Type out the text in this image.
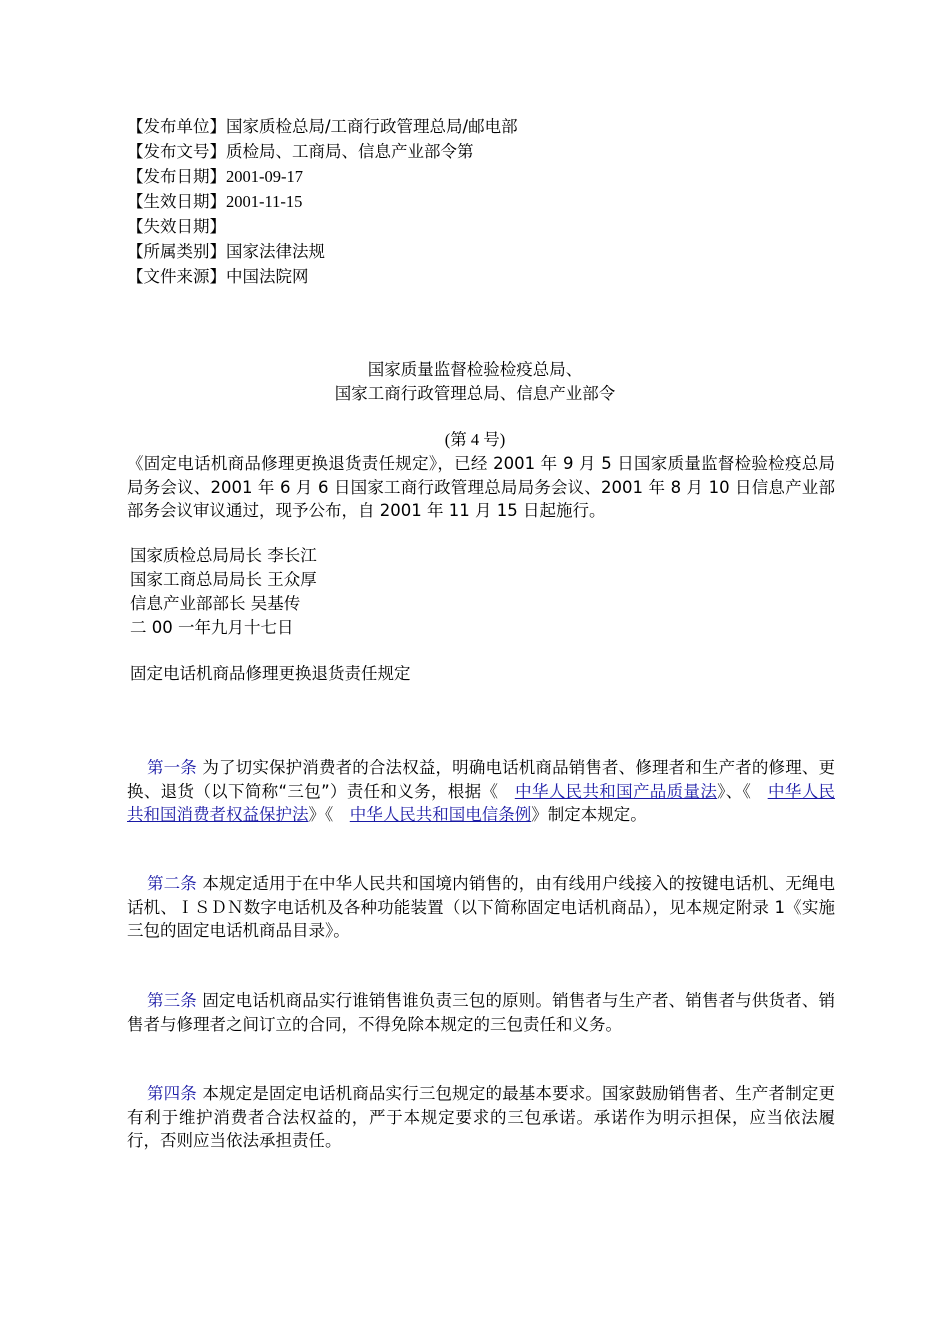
【发布单位】国家质检总局/工商行政管理总局/邮电部
【发布文号】质检局、工商局、信息产业部令第
【发布日期】2001-09-17
【生效日期】2001-11-15
【失效日期】
【所属类别】国家法律法规
【文件来源】中国法院网
国家质量监督检验检疫总局、
国家工商行政管理总局、信息产业部令
(第 4 号)
《固定电话机商品修理更换退货责任规定》，已经 2001 年 9 月 5 日国家质量监督检验检疫总局局务会议、2001 年 6 月 6 日国家工商行政管理总局局务会议、2001 年 8 月 10 日信息产业部部务会议审议通过，现予公布，自 2001 年 11 月 15 日起施行。
国家质检总局局长 李长江
国家工商总局局长 王众厚
信息产业部部长 吴基传
二 00 一年九月十七日
固定电话机商品修理更换退货责任规定
第一条 为了切实保护消费者的合法权益，明确电话机商品销售者、修理者和生产者的修理、更换、退货（以下简称“三包”）责任和义务，根据《  中华人民共和国产品质量法》、《  中华人民共和国消费者权益保护法》《  中华人民共和国电信条例》制定本规定。
第二条 本规定适用于在中华人民共和国境内销售的，由有线用户线接入的按键电话机、无绳电话机、ＩＳＤＮ数字电话机及各种功能装置（以下简称固定电话机商品），见本规定附录 1《实施三包的固定电话机商品目录》。
第三条 固定电话机商品实行谁销售谁负责三包的原则。销售者与生产者、销售者与供货者、销售者与修理者之间订立的合同，不得免除本规定的三包责任和义务。
第四条 本规定是固定电话机商品实行三包规定的最基本要求。国家鼓励销售者、生产者制定更有利于维护消费者合法权益的，严于本规定要求的三包承诺。承诺作为明示担保，应当依法履行，否则应当依法承担责任。
